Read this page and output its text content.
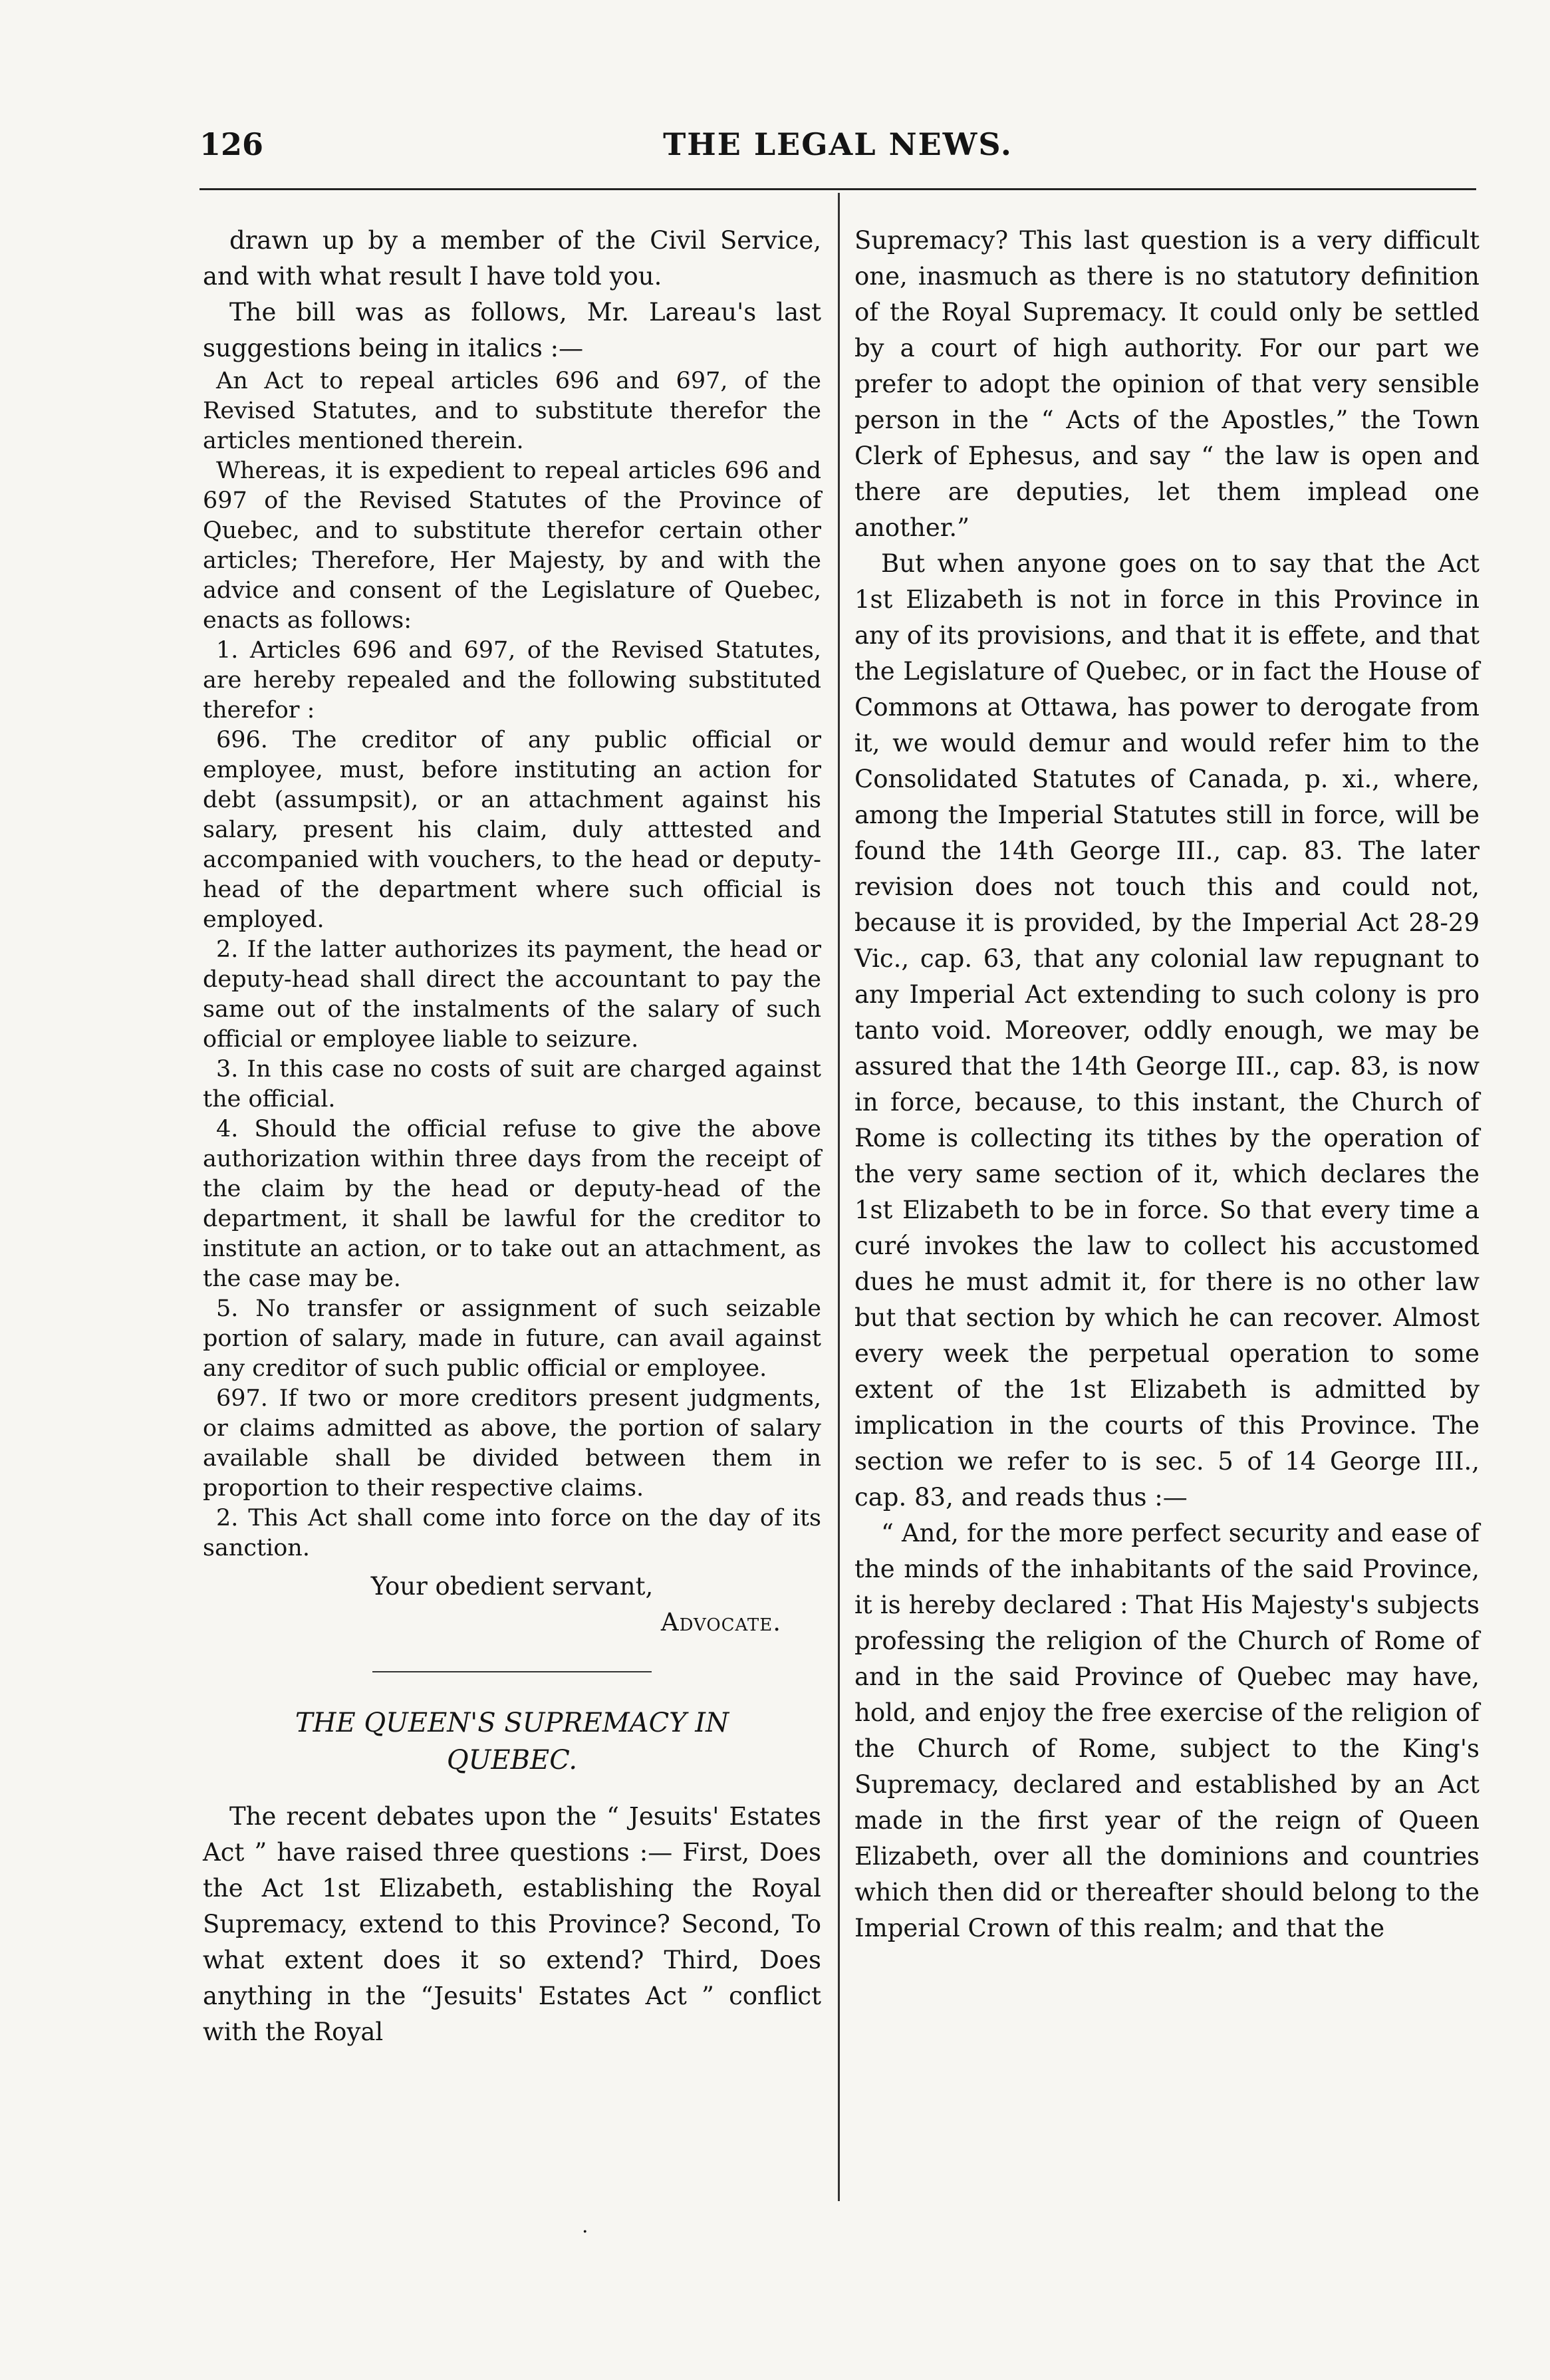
126	THE LEGAL NEWS.

drawn up by a member of the Civil Service, and with what result I have told you.

The bill was as follows, Mr. Lareau's last suggestions being in italics :—

An Act to repeal articles 696 and 697, of the Revised Statutes, and to substitute therefor the articles mentioned therein.

Whereas, it is expedient to repeal articles 696 and 697 of the Revised Statutes of the Province of Quebec, and to substitute therefor certain other articles; Therefore, Her Majesty, by and with the advice and consent of the Legislature of Quebec, enacts as follows:

1. Articles 696 and 697, of the Revised Statutes, are hereby repealed and the following substituted therefor :

696. The creditor of any public official or employee, must, before instituting an action for debt (assumpsit), or an attachment against his salary, present his claim, duly atttested and accompanied with vouchers, to the head or deputy-head of the department where such official is employed.

2. If the latter authorizes its payment, the head or deputy-head shall direct the accountant to pay the same out of the instalments of the salary of such official or employee liable to seizure.

3. In this case no costs of suit are charged against the official.

4. Should the official refuse to give the above authorization within three days from the receipt of the claim by the head or deputy-head of the department, it shall be lawful for the creditor to institute an action, or to take out an attachment, as the case may be.

5. No transfer or assignment of such seizable portion of salary, made in future, can avail against any creditor of such public official or employee.

697. If two or more creditors present judgments, or claims admitted as above, the portion of salary available shall be divided between them in proportion to their respective claims.

2. This Act shall come into force on the day of its sanction.

Your obedient servant,
Advocate.
THE QUEEN'S SUPREMACY IN
QUEBEC.

The recent debates upon the “ Jesuits' Estates Act ” have raised three questions :— First, Does the Act 1st Elizabeth, establishing the Royal Supremacy, extend to this Province? Second, To what extent does it so extend? Third, Does anything in the “Jesuits' Estates Act ” conflict with the Royal

Supremacy? This last question is a very difficult one, inasmuch as there is no statutory definition of the Royal Supremacy. It could only be settled by a court of high authority. For our part we prefer to adopt the opinion of that very sensible person in the “ Acts of the Apostles,” the Town Clerk of Ephesus, and say “ the law is open and there are deputies, let them implead one another.”

But when anyone goes on to say that the Act 1st Elizabeth is not in force in this Province in any of its provisions, and that it is effete, and that the Legislature of Quebec, or in fact the House of Commons at Ottawa, has power to derogate from it, we would demur and would refer him to the Consolidated Statutes of Canada, p. xi., where, among the Imperial Statutes still in force, will be found the 14th George III., cap. 83. The later revision does not touch this and could not, because it is provided, by the Imperial Act 28-29 Vic., cap. 63, that any colonial law repugnant to any Imperial Act extending to such colony is pro tanto void. Moreover, oddly enough, we may be assured that the 14th George III., cap. 83, is now in force, because, to this instant, the Church of Rome is collecting its tithes by the operation of the very same section of it, which declares the 1st Elizabeth to be in force. So that every time a curé invokes the law to collect his accustomed dues he must admit it, for there is no other law but that section by which he can recover. Almost every week the perpetual operation to some extent of the 1st Elizabeth is admitted by implication in the courts of this Province. The section we refer to is sec. 5 of 14 George III., cap. 83, and reads thus :—

“ And, for the more perfect security and ease of the minds of the inhabitants of the said Province, it is hereby declared : That His Majesty's subjects professing the religion of the Church of Rome of and in the said Province of Quebec may have, hold, and enjoy the free exercise of the religion of the Church of Rome, subject to the King's Supremacy, declared and established by an Act made in the first year of the reign of Queen Elizabeth, over all the dominions and countries which then did or thereafter should belong to the Imperial Crown of this realm; and that the

.
